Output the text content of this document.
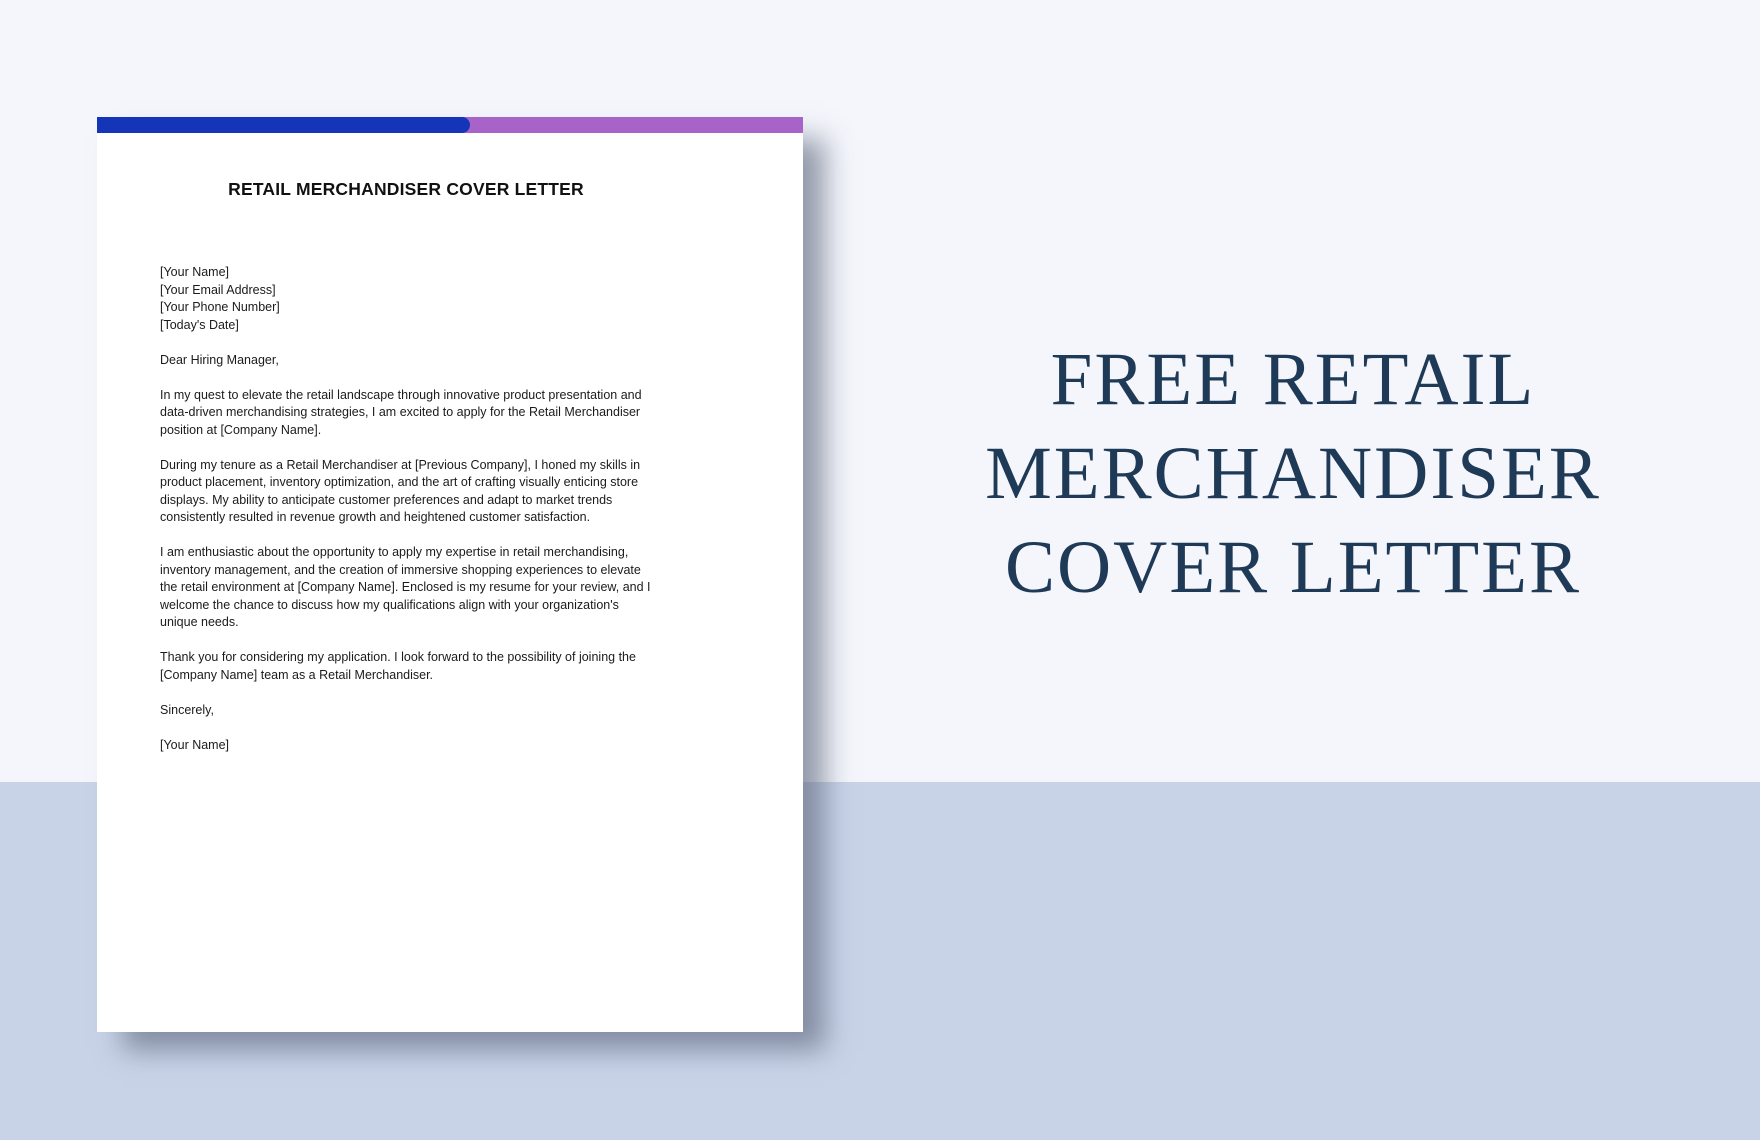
RETAIL MERCHANDISER COVER LETTER
[Your Name]
[Your Email Address]
[Your Phone Number]
[Today's Date]

Dear Hiring Manager,

In my quest to elevate the retail landscape through innovative product presentation and data-driven merchandising strategies, I am excited to apply for the Retail Merchandiser position at [Company Name].

During my tenure as a Retail Merchandiser at [Previous Company], I honed my skills in product placement, inventory optimization, and the art of crafting visually enticing store displays. My ability to anticipate customer preferences and adapt to market trends consistently resulted in revenue growth and heightened customer satisfaction.

I am enthusiastic about the opportunity to apply my expertise in retail merchandising, inventory management, and the creation of immersive shopping experiences to elevate the retail environment at [Company Name]. Enclosed is my resume for your review, and I welcome the chance to discuss how my qualifications align with your organization's unique needs.

Thank you for considering my application. I look forward to the possibility of joining the [Company Name] team as a Retail Merchandiser.

Sincerely,

[Your Name]

FREE RETAIL
MERCHANDISER
COVER LETTER
